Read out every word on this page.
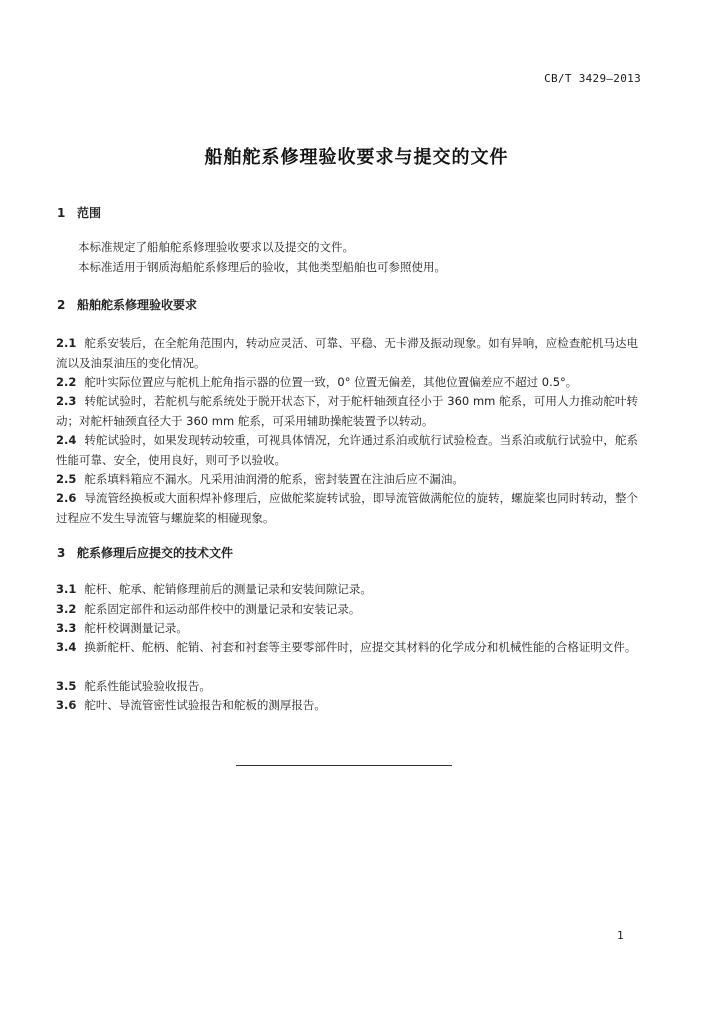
CB/T 3429—2013
船舶舵系修理验收要求与提交的文件
1 范围
本标准规定了船舶舵系修理验收要求以及提交的文件。
本标准适用于钢质海船舵系修理后的验收，其他类型船舶也可参照使用。
2 船舶舵系修理验收要求
2.1 舵系安装后，在全舵角范围内，转动应灵活、可靠、平稳、无卡滞及振动现象。如有异响，应检查舵机马达电流以及油泵油压的变化情况。
2.2 舵叶实际位置应与舵机上舵角指示器的位置一致，0° 位置无偏差，其他位置偏差应不超过 0.5°。
2.3 转舵试验时，若舵机与舵系统处于脱开状态下，对于舵杆轴颈直径小于 360 mm 舵系，可用人力推动舵叶转动；对舵杆轴颈直径大于 360 mm 舵系，可采用辅助操舵装置予以转动。
2.4 转舵试验时，如果发现转动较重，可视具体情况，允许通过系泊或航行试验检查。当系泊或航行试验中，舵系性能可靠、安全，使用良好，则可予以验收。
2.5 舵系填料箱应不漏水。凡采用油润滑的舵系，密封装置在注油后应不漏油。
2.6 导流管经换板或大面积焊补修理后，应做舵桨旋转试验，即导流管做满舵位的旋转，螺旋桨也同时转动，整个过程应不发生导流管与螺旋桨的相碰现象。
3 舵系修理后应提交的技术文件
3.1 舵杆、舵承、舵销修理前后的测量记录和安装间隙记录。
3.2 舵系固定部件和运动部件校中的测量记录和安装记录。
3.3 舵杆校调测量记录。
3.4 换新舵杆、舵柄、舵销、衬套和衬套等主要零部件时，应提交其材料的化学成分和机械性能的合格证明文件。
3.5 舵系性能试验验收报告。
3.6 舵叶、导流管密性试验报告和舵板的测厚报告。
1
